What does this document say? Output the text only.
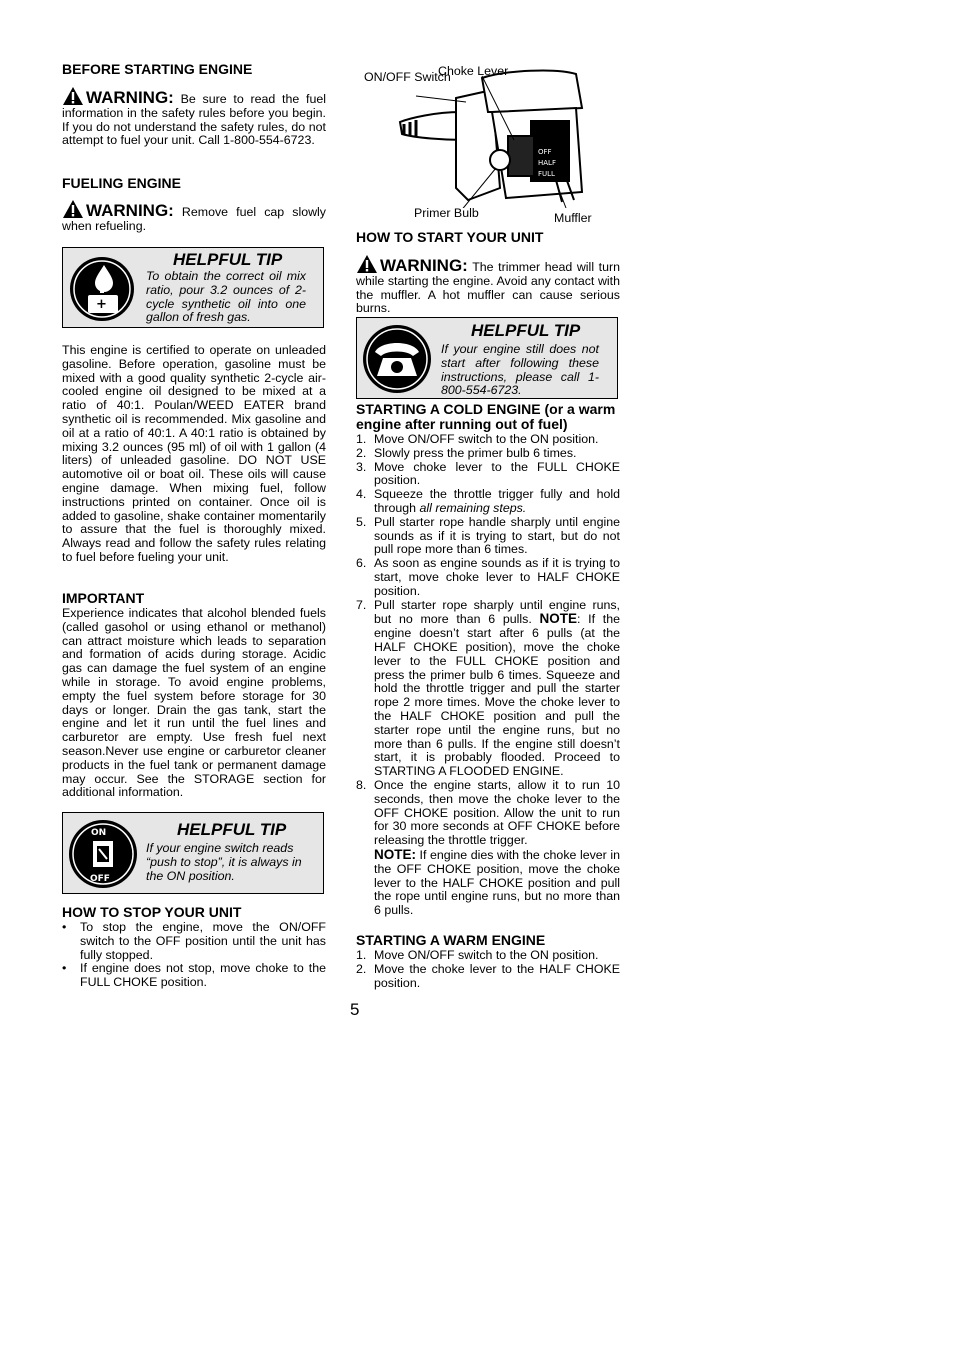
BEFORE STARTING ENGINE
WARNING: Be sure to read the fuel information in the safety rules before you begin. If you do not understand the safety rules, do not attempt to fuel your unit. Call 1-800-554-6723.
FUELING ENGINE
WARNING: Remove fuel cap slowly when refueling.
+
HELPFUL TIP
To obtain the correct oil mix ratio, pour 3.2 ounces of 2-cycle synthetic oil into one gallon of fresh gas.

This engine is certified to operate on unleaded gasoline. Before operation, gasoline must be mixed with a good quality synthetic 2-cycle air-cooled engine oil designed to be mixed at a ratio of 40:1. Poulan/WEED EATER brand synthetic oil is recommended. Mix gasoline and oil at a ratio of 40:1. A 40:1 ratio is obtained by mixing 3.2 ounces (95 ml) of oil with 1 gallon (4 liters) of unleaded gasoline. DO NOT USE automotive oil or boat oil. These oils will cause engine damage. When mixing fuel, follow instructions printed on container. Once oil is added to gasoline, shake container momentarily to assure that the fuel is thoroughly mixed. Always read and follow the safety rules relating to fuel before fueling your unit.

IMPORTANT

Experience indicates that alcohol blended fuels (called gasohol or using ethanol or methanol) can attract moisture which leads to separation and formation of acids during storage. Acidic gas can damage the fuel system of an engine while in storage. To avoid engine problems, empty the fuel system before storage for 30 days or longer. Drain the gas tank, start the engine and let it run until the fuel lines and carburetor are empty. Use fresh fuel next season.Never use engine or carburetor cleaner products in the fuel tank or permanent damage may occur. See the STORAGE section for additional information.

ON
OFF
HELPFUL TIP
If your engine switch reads “push to stop”, it is always in the ON position.
HOW TO STOP YOUR UNIT
• To stop the engine, move the ON/OFF switch to the OFF position until the unit has fully stopped.
• If engine does not stop, move choke to the FULL CHOKE position.
OFF
HALF
FULL
ON/OFF Switch
Choke Lever
Primer Bulb	Muffler
HOW TO START YOUR UNIT
WARNING: The trimmer head will turn while starting the engine. Avoid any contact with the muffler. A hot muffler can cause serious burns.
HELPFUL TIP
If your engine still does not start after following these instructions, please call 1-800-554-6723.
STARTING A COLD ENGINE (or a warm engine after running out of fuel)
1. Move ON/OFF switch to the ON position.
2. Slowly press the primer bulb 6 times.
3. Move choke lever to the FULL CHOKE position.
4. Squeeze the throttle trigger fully and hold through all remaining steps.
5. Pull starter rope handle sharply until engine sounds as if it is trying to start, but do not pull rope more than 6 times.
6. As soon as engine sounds as if it is trying to start, move choke lever to HALF CHOKE position.
7. Pull starter rope sharply until engine runs, but no more than 6 pulls. NOTE: If the engine doesn’t start after 6 pulls (at the HALF CHOKE position), move the choke lever to the FULL CHOKE position and press the primer bulb 6 times. Squeeze and hold the throttle trigger and pull the starter rope 2 more times. Move the choke lever to the HALF CHOKE position and pull the starter rope until the engine runs, but no more than 6 pulls. If the engine still doesn’t start, it is probably flooded. Proceed to STARTING A FLOODED ENGINE.
8. Once the engine starts, allow it to run 10 seconds, then move the choke lever to the OFF CHOKE position. Allow the unit to run for 30 more seconds at OFF CHOKE before releasing the throttle trigger.
NOTE: If engine dies with the choke lever in the OFF CHOKE position, move the choke lever to the HALF CHOKE position and pull the rope until engine runs, but no more than 6 pulls.
STARTING A WARM ENGINE
1. Move ON/OFF switch to the ON position.
2. Move the choke lever to the HALF CHOKE position.
5
